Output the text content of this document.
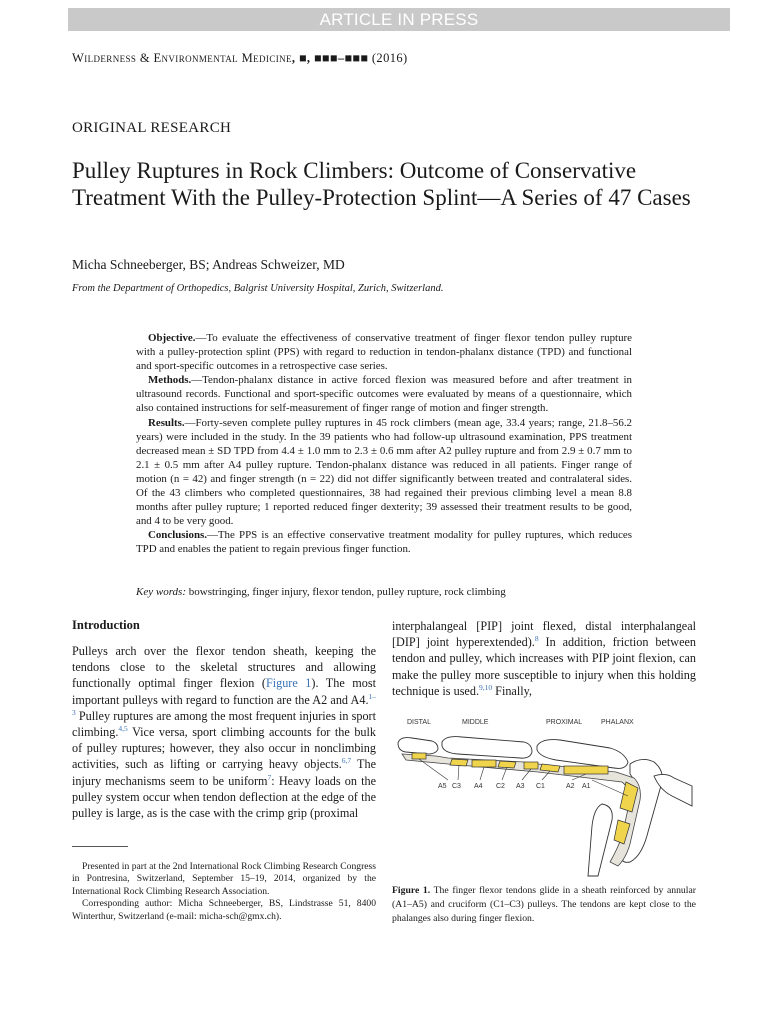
ARTICLE IN PRESS
Wilderness & Environmental Medicine, ■, ■■■–■■■ (2016)
ORIGINAL RESEARCH
Pulley Ruptures in Rock Climbers: Outcome of Conservative Treatment With the Pulley-Protection Splint—A Series of 47 Cases
Micha Schneeberger, BS; Andreas Schweizer, MD
From the Department of Orthopedics, Balgrist University Hospital, Zurich, Switzerland.

Objective.—To evaluate the effectiveness of conservative treatment of finger flexor tendon pulley rupture with a pulley-protection splint (PPS) with regard to reduction in tendon-phalanx distance (TPD) and functional and sport-specific outcomes in a retrospective case series.

Methods.—Tendon-phalanx distance in active forced flexion was measured before and after treatment in ultrasound records. Functional and sport-specific outcomes were evaluated by means of a questionnaire, which also contained instructions for self-measurement of finger range of motion and finger strength.

Results.—Forty-seven complete pulley ruptures in 45 rock climbers (mean age, 33.4 years; range, 21.8–56.2 years) were included in the study. In the 39 patients who had follow-up ultrasound examination, PPS treatment decreased mean ± SD TPD from 4.4 ± 1.0 mm to 2.3 ± 0.6 mm after A2 pulley rupture and from 2.9 ± 0.7 mm to 2.1 ± 0.5 mm after A4 pulley rupture. Tendon-phalanx distance was reduced in all patients. Finger range of motion (n = 42) and finger strength (n = 22) did not differ significantly between treated and contralateral sides. Of the 43 climbers who completed questionnaires, 38 had regained their previous climbing level a mean 8.8 months after pulley rupture; 1 reported reduced finger dexterity; 39 assessed their treatment results to be good, and 4 to be very good.

Conclusions.—The PPS is an effective conservative treatment modality for pulley ruptures, which reduces TPD and enables the patient to regain previous finger function.

Key words: bowstringing, finger injury, flexor tendon, pulley rupture, rock climbing
Introduction

Pulleys arch over the flexor tendon sheath, keeping the tendons close to the skeletal structures and allowing functionally optimal finger flexion (Figure 1). The most important pulleys with regard to function are the A2 and A4.$^{1-3}$ Pulley ruptures are among the most frequent injuries in sport climbing.$^{4,5}$ Vice versa, sport climbing accounts for the bulk of pulley ruptures; however, they also occur in nonclimbing activities, such as lifting or carrying heavy objects.$^{6,7}$ The injury mechanisms seem to be uniform$^7$: Heavy loads on the pulley system occur when tendon deflection at the edge of the pulley is large, as is the case with the crimp grip (proximal

Presented in part at the 2nd International Rock Climbing Research Congress in Pontresina, Switzerland, September 15–19, 2014, organized by the International Rock Climbing Research Association.

Corresponding author: Micha Schneeberger, BS, Lindstrasse 51, 8400 Winterthur, Switzerland (e-mail: micha-sch@gmx.ch).

interphalangeal [PIP] joint flexed, distal interphalangeal [DIP] joint hyperextended).$^8$ In addition, friction between tendon and pulley, which increases with PIP joint flexion, can make the pulley more susceptible to injury when this holding technique is used.$^{9,10}$ Finally,

DISTAL	MIDDLE	PROXIMAL	PHALANX
A5 C3 A4 C2 A3 C1	A2 A1
Figure 1. The finger flexor tendons glide in a sheath reinforced by annular (A1–A5) and cruciform (C1–C3) pulleys. The tendons are kept close to the phalanges also during finger flexion.
